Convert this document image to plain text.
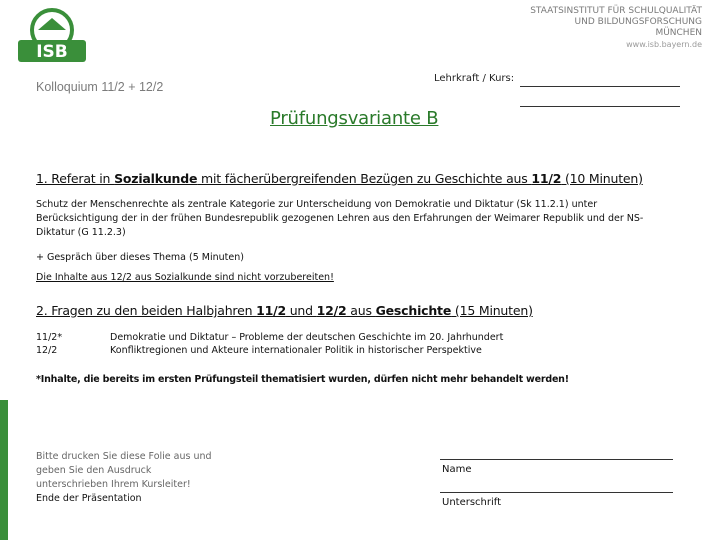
ISB
STAATSINSTITUT FÜR SCHULQUALITÄT
UND BILDUNGSFORSCHUNG
MÜNCHEN
www.isb.bayern.de
Kolloquium 11/2 + 12/2
Lehrkraft / Kurs:
Prüfungsvariante B
1. Referat in Sozialkunde mit fächerübergreifenden Bezügen zu Geschichte aus 11/2 (10 Minuten)
Schutz der Menschenrechte als zentrale Kategorie zur Unterscheidung von Demokratie und Diktatur (Sk 11.2.1) unter
Berücksichtigung der in der frühen Bundesrepublik gezogenen Lehren aus den Erfahrungen der Weimarer Republik und der NS-
Diktatur (G 11.2.3)
+ Gespräch über dieses Thema (5 Minuten)
Die Inhalte aus 12/2 aus Sozialkunde sind nicht vorzubereiten!
2. Fragen zu den beiden Halbjahren 11/2 und 12/2 aus Geschichte (15 Minuten)
11/2*	Demokratie und Diktatur – Probleme der deutschen Geschichte im 20. Jahrhundert
12/2	Konfliktregionen und Akteure internationaler Politik in historischer Perspektive
*Inhalte, die bereits im ersten Prüfungsteil thematisiert wurden, dürfen nicht mehr behandelt werden!
Bitte drucken Sie diese Folie aus und
geben Sie den Ausdruck
unterschrieben Ihrem Kursleiter!
Ende der Präsentation
Name
Unterschrift
